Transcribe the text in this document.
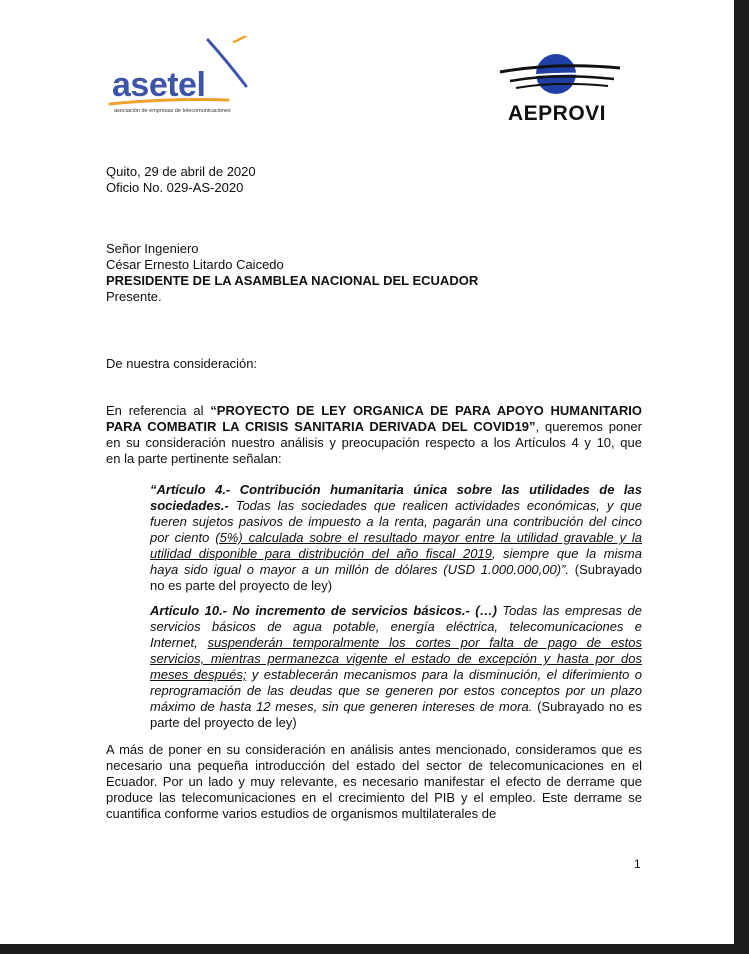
asetel
asociación de empresas de telecomunicaciones	AEPROVI
Quito, 29 de abril de 2020
Oficio No. 029-AS-2020
Señor Ingeniero
César Ernesto Litardo Caicedo
PRESIDENTE DE LA ASAMBLEA NACIONAL DEL ECUADOR
Presente.
De nuestra consideración:
En referencia al “PROYECTO DE LEY ORGANICA DE PARA APOYO HUMANITARIO
PARA COMBATIR LA CRISIS SANITARIA DERIVADA DEL COVID19”, queremos poner
en su consideración nuestro análisis y preocupación respecto a los Artículos 4 y 10, que
en la parte pertinente señalan:
“Artículo 4.- Contribución humanitaria única sobre las utilidades de las
sociedades.- Todas las sociedades que realicen actividades económicas, y que
fueren sujetos pasivos de impuesto a la renta, pagarán una contribución del cinco
por ciento (5%) calculada sobre el resultado mayor entre la utilidad gravable y la
utilidad disponible para distribución del año fiscal 2019, siempre que la misma
haya sido igual o mayor a un millón de dólares (USD 1.000.000,00)”. (Subrayado
no es parte del proyecto de ley)
Artículo 10.- No incremento de servicios básicos.- (…) Todas las empresas de
servicios básicos de agua potable, energía eléctrica, telecomunicaciones e
Internet, suspenderán temporalmente los cortes por falta de pago de estos
servicios, mientras permanezca vigente el estado de excepción y hasta por dos
meses después; y establecerán mecanismos para la disminución, el diferimiento o
reprogramación de las deudas que se generen por estos conceptos por un plazo
máximo de hasta 12 meses, sin que generen intereses de mora. (Subrayado no es
parte del proyecto de ley)
A más de poner en su consideración en análisis antes mencionado, consideramos que es
necesario una pequeña introducción del estado del sector de telecomunicaciones en el
Ecuador. Por un lado y muy relevante, es necesario manifestar el efecto de derrame que
produce las telecomunicaciones en el crecimiento del PIB y el empleo. Este derrame se
cuantifica conforme varios estudios de organismos multilaterales de
1
